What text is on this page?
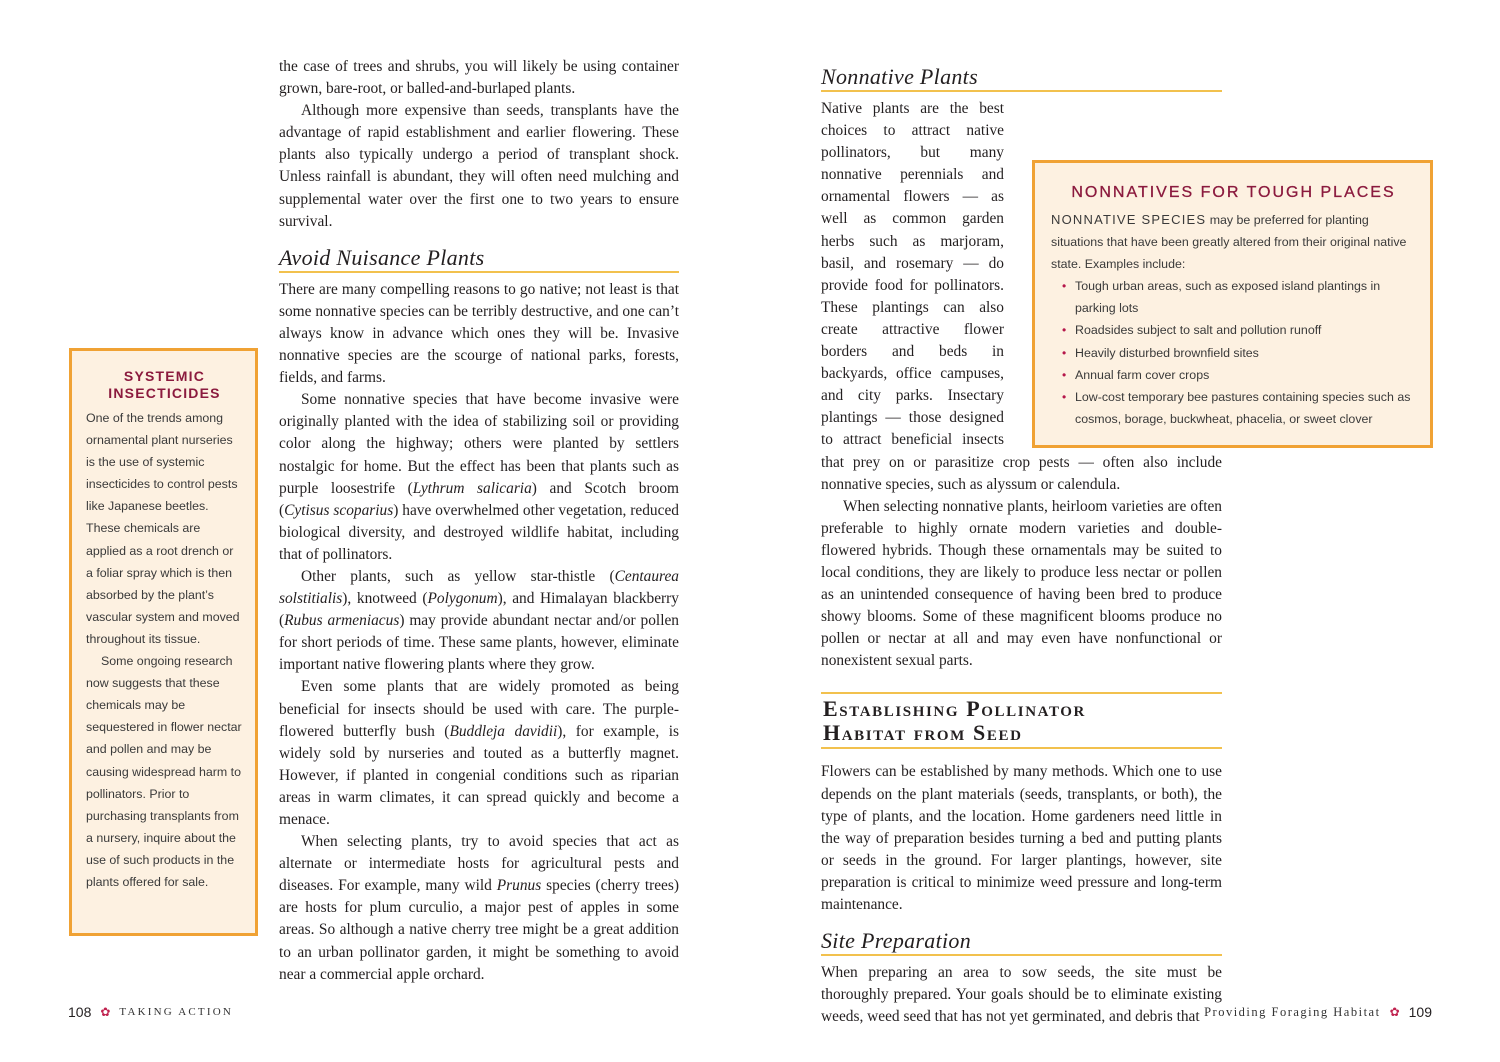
the case of trees and shrubs, you will likely be using container grown, bare-root, or balled-and-burlaped plants.

Although more expensive than seeds, transplants have the advantage of rapid establishment and earlier flowering. These plants also typically undergo a period of transplant shock. Unless rainfall is abundant, they will often need mulching and supplemental water over the first one to two years to ensure survival.

Avoid Nuisance Plants

There are many compelling reasons to go native; not least is that some nonnative species can be terribly destructive, and one can’t always know in advance which ones they will be. Invasive nonnative species are the scourge of national parks, forests, fields, and farms.

Some nonnative species that have become invasive were originally planted with the idea of stabilizing soil or providing color along the highway; others were planted by settlers nostalgic for home. But the effect has been that plants such as purple loosestrife (Lythrum salicaria) and Scotch broom (Cytisus scoparius) have overwhelmed other vegetation, reduced biological diversity, and destroyed wildlife habitat, including that of pollinators.

Other plants, such as yellow star-thistle (Centaurea solstitialis), knotweed (Polygonum), and Himalayan blackberry (Rubus armeniacus) may provide abundant nectar and/or pollen for short periods of time. These same plants, however, eliminate important native flowering plants where they grow.

Even some plants that are widely promoted as being beneficial for insects should be used with care. The purple-flowered butterfly bush (Buddleja davidii), for example, is widely sold by nurseries and touted as a butterfly magnet. However, if planted in congenial conditions such as riparian areas in warm climates, it can spread quickly and become a menace.

When selecting plants, try to avoid species that act as alternate or intermediate hosts for agricultural pests and diseases. For example, many wild Prunus species (cherry trees) are hosts for plum curculio, a major pest of apples in some areas. So although a native cherry tree might be a great addition to an urban pollinator garden, it might be something to avoid near a commercial apple orchard.

SYSTEMIC INSECTICIDES

One of the trends among ornamental plant nurseries is the use of systemic insecticides to control pests like Japanese beetles. These chemicals are applied as a root drench or a foliar spray which is then absorbed by the plant’s vascular system and moved throughout its tissue.

Some ongoing research now suggests that these chemicals may be sequestered in flower nectar and pollen and may be causing widespread harm to pollinators. Prior to purchasing transplants from a nursery, inquire about the use of such products in the plants offered for sale.

108 ✿ TAKING ACTION
Nonnative Plants

Native plants are the best choices to attract native pollinators, but many nonnative perennials and ornamental flowers — as well as common garden herbs such as marjoram, basil, and rosemary — do provide food for pollinators. These plantings can also create attractive flower borders and beds in backyards, office campuses, and city parks. Insectary plantings — those designed to attract beneficial insects that prey on or parasitize crop pests — often also include nonnative species, such as alyssum or calendula.

When selecting nonnative plants, heirloom varieties are often preferable to highly ornate modern varieties and double-flowered hybrids. Though these ornamentals may be suited to local conditions, they are likely to produce less nectar or pollen as an unintended consequence of having been bred to produce showy blooms. Some of these magnificent blooms produce no pollen or nectar at all and may even have nonfunctional or nonexistent sexual parts.

Establishing Pollinator
Habitat from Seed

Flowers can be established by many methods. Which one to use depends on the plant materials (seeds, transplants, or both), the type of plants, and the location. Home gardeners need little in the way of preparation besides turning a bed and putting plants or seeds in the ground. For larger plantings, however, site preparation is critical to minimize weed pressure and long-term maintenance.

Site Preparation

When preparing an area to sow seeds, the site must be thoroughly prepared. Your goals should be to eliminate existing weeds, weed seed that has not yet germinated, and debris that

NONNATIVES FOR TOUGH PLACES

NONNATIVE SPECIES may be preferred for planting situations that have been greatly altered from their original native state. Examples include:

• Tough urban areas, such as exposed island plantings in parking lots
• Roadsides subject to salt and pollution runoff
• Heavily disturbed brownfield sites
• Annual farm cover crops
• Low-cost temporary bee pastures containing species such as cosmos, borage, buckwheat, phacelia, or sweet clover
Providing Foraging Habitat ✿ 109
